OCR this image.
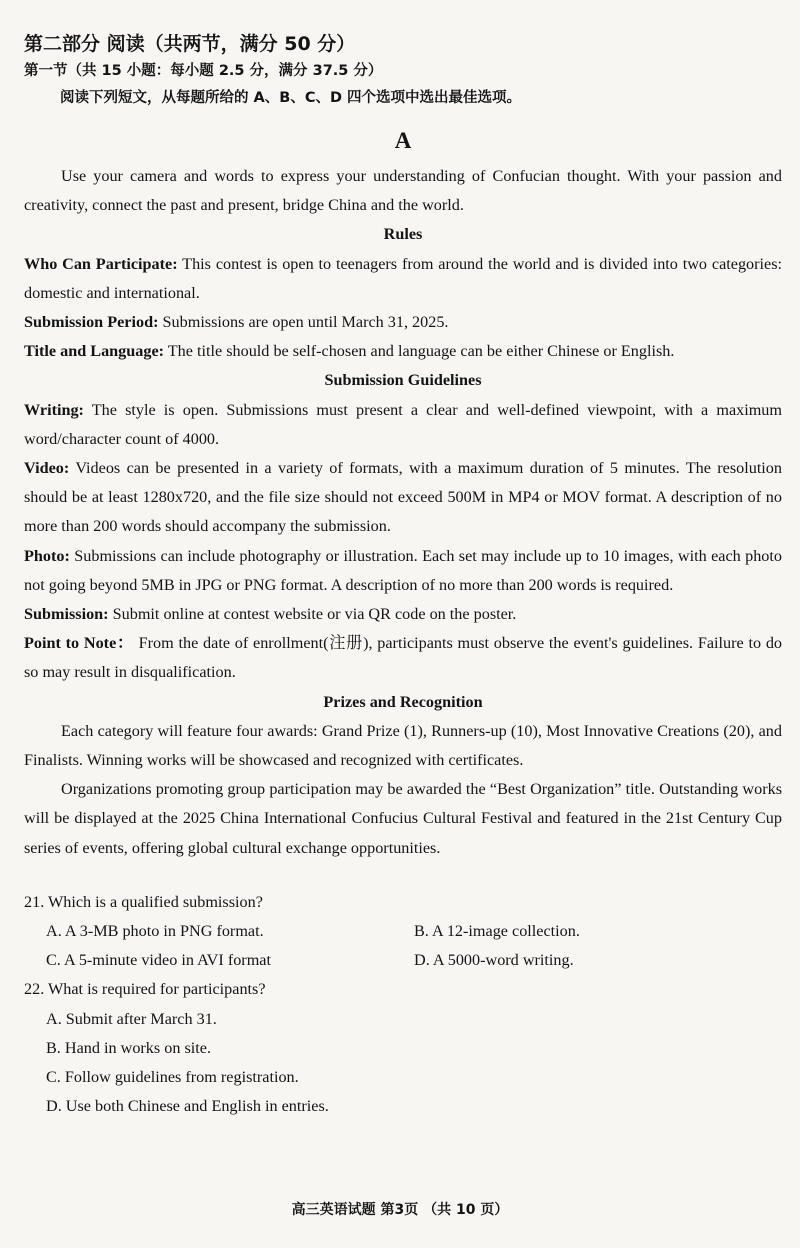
第二部分 阅读（共两节，满分 50 分）

第一节（共 15 小题：每小题 2.5 分，满分 37.5 分）

阅读下列短文，从每题所给的 A、B、C、D 四个选项中选出最佳选项。

A

Use your camera and words to express your understanding of Confucian thought. With your passion and creativity, connect the past and present, bridge China and the world.

Rules

Who Can Participate: This contest is open to teenagers from around the world and is divided into two categories: domestic and international.

Submission Period: Submissions are open until March 31, 2025.

Title and Language: The title should be self-chosen and language can be either Chinese or English.

Submission Guidelines

Writing: The style is open. Submissions must present a clear and well-defined viewpoint, with a maximum word/character count of 4000.

Video: Videos can be presented in a variety of formats, with a maximum duration of 5 minutes. The resolution should be at least 1280x720, and the file size should not exceed 500M in MP4 or MOV format. A description of no more than 200 words should accompany the submission.

Photo: Submissions can include photography or illustration. Each set may include up to 10 images, with each photo not going beyond 5MB in JPG or PNG format. A description of no more than 200 words is required.

Submission: Submit online at contest website or via QR code on the poster.

Point to Note： From the date of enrollment(注册), participants must observe the event's guidelines. Failure to do so may result in disqualification.

Prizes and Recognition

Each category will feature four awards: Grand Prize (1), Runners-up (10), Most Innovative Creations (20), and Finalists. Winning works will be showcased and recognized with certificates.

Organizations promoting group participation may be awarded the “Best Organization” title. Outstanding works will be displayed at the 2025 China International Confucius Cultural Festival and featured in the 21st Century Cup series of events, offering global cultural exchange opportunities.

21. Which is a qualified submission?

A. A 3-MB photo in PNG format.	B. A 12-image collection.
C. A 5-minute video in AVI format	D. A 5000-word writing.

22. What is required for participants?

A. Submit after March 31.

B. Hand in works on site.

C. Follow guidelines from registration.

D. Use both Chinese and English in entries.

高三英语试题 第3页 （共 10 页）
